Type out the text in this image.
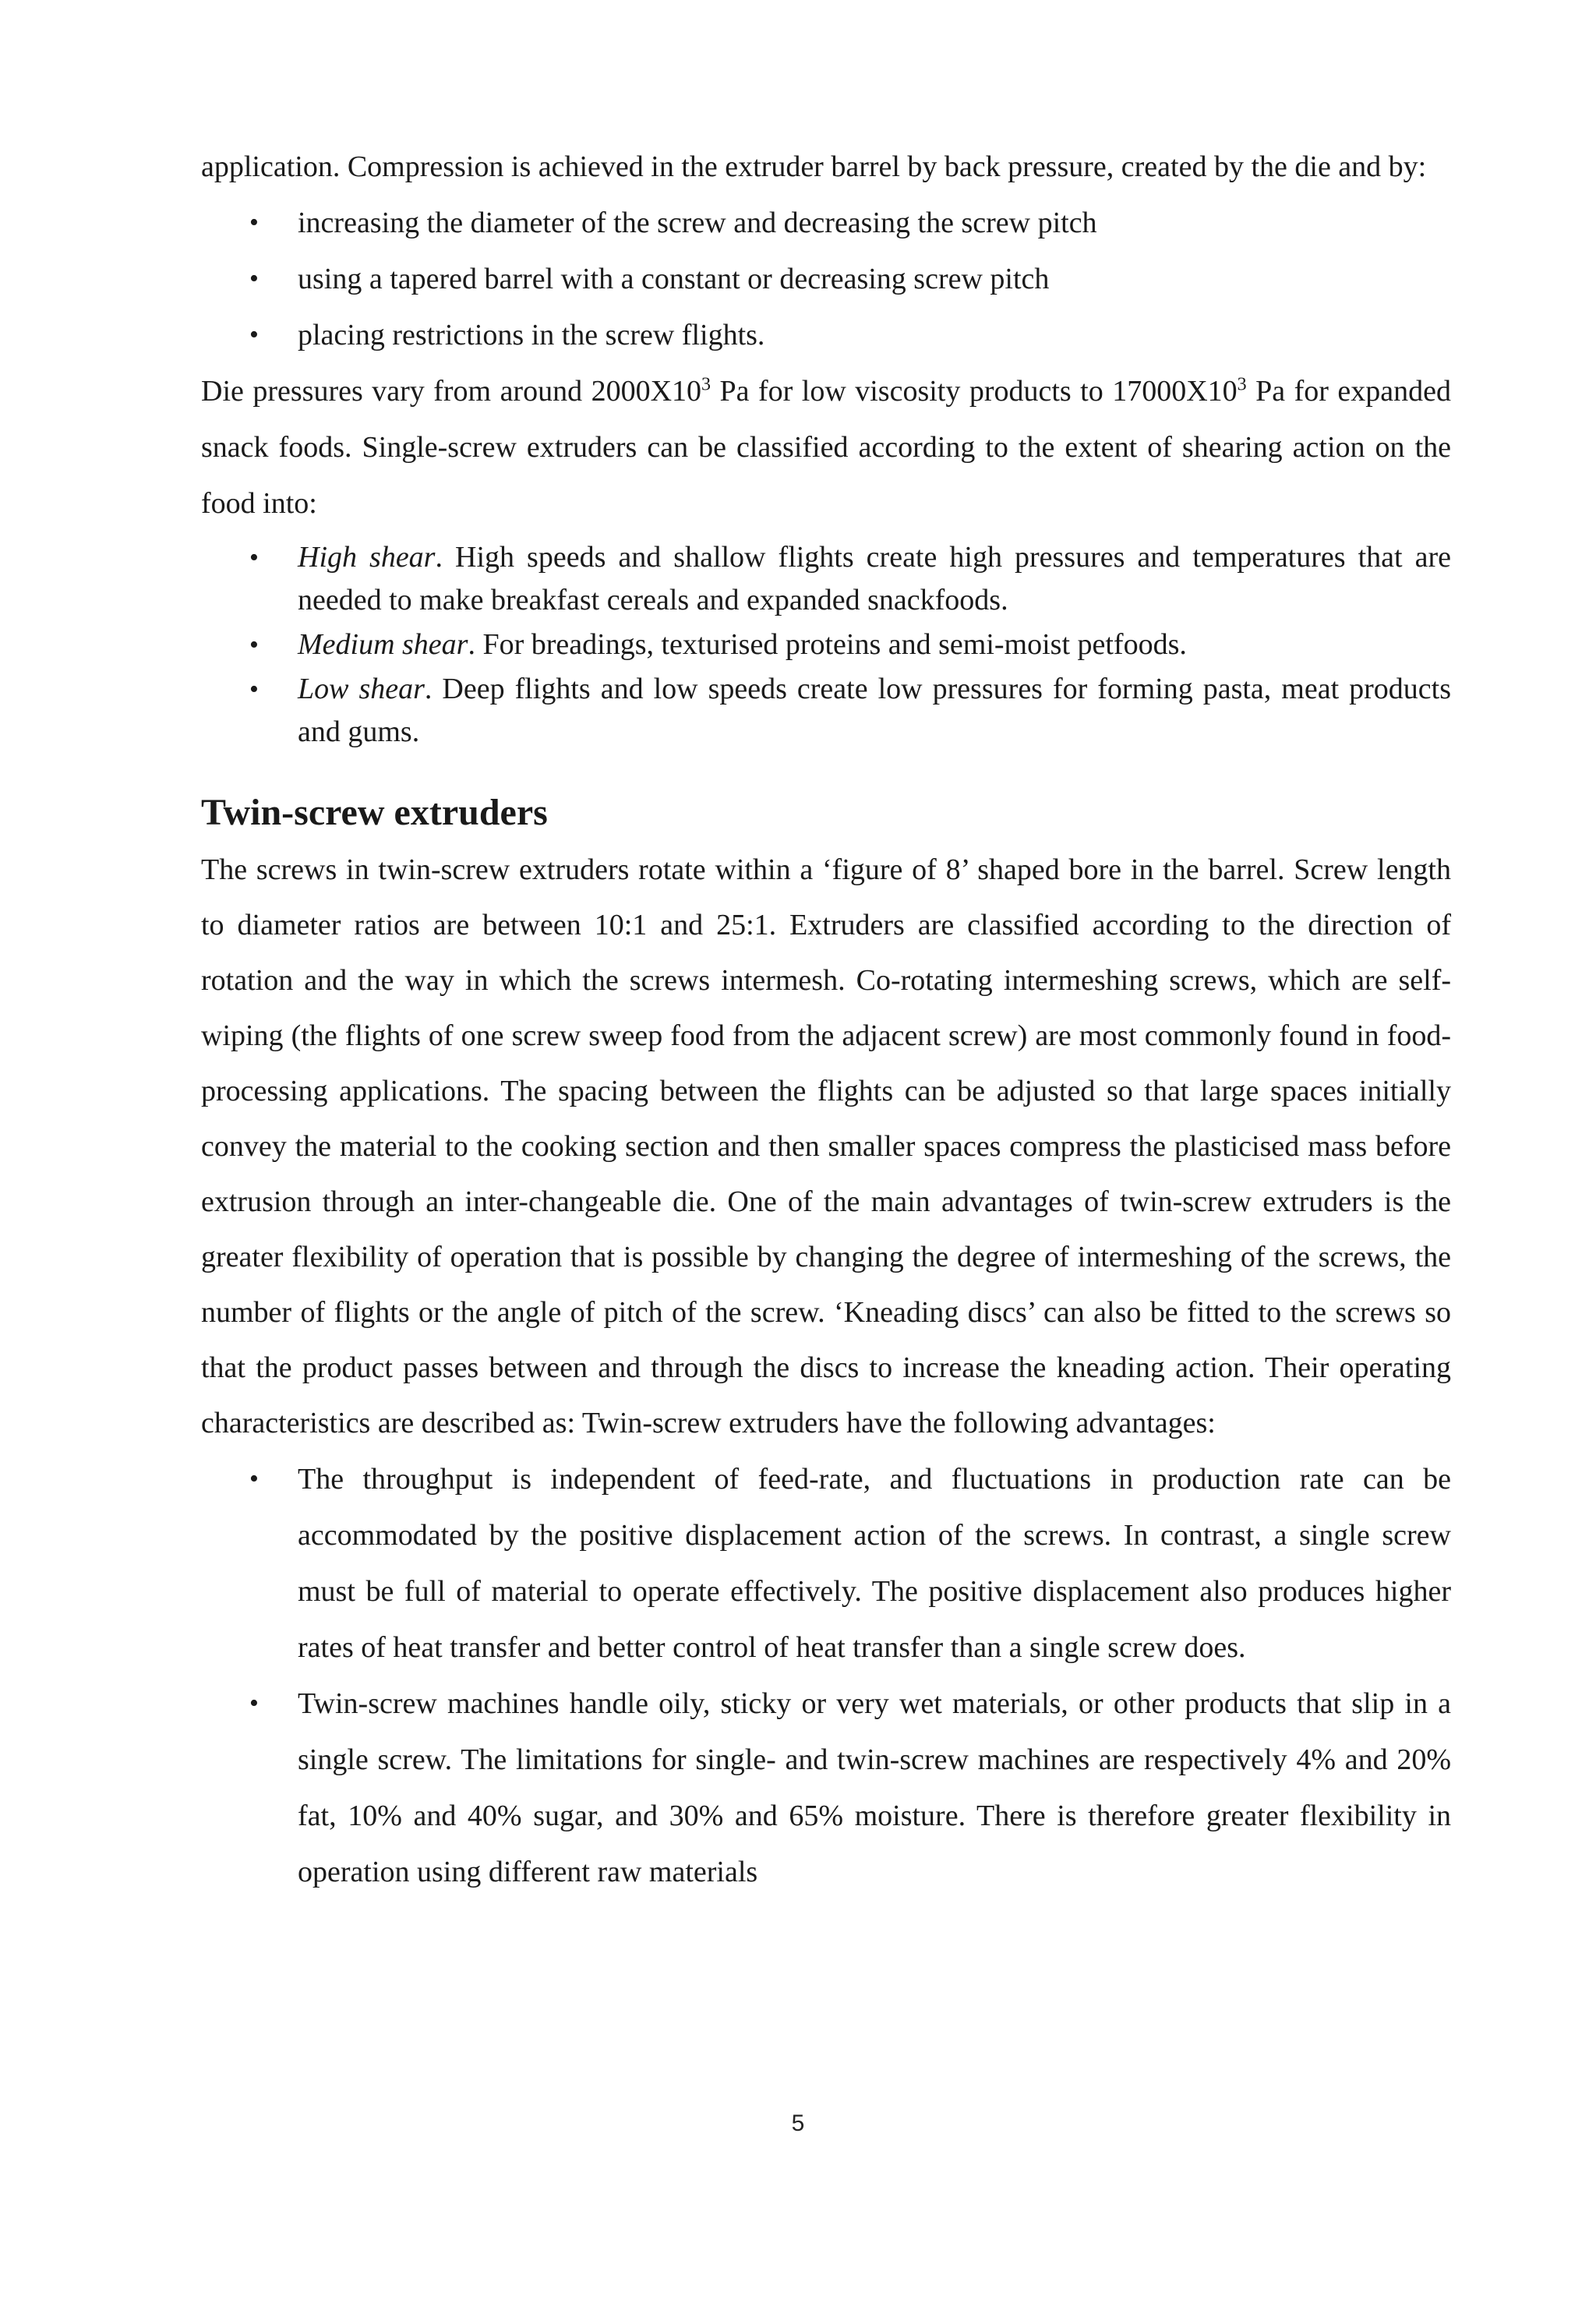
application. Compression is achieved in the extruder barrel by back pressure, created by the die and by:

• increasing the diameter of the screw and decreasing the screw pitch
• using a tapered barrel with a constant or decreasing screw pitch
• placing restrictions in the screw flights.

Die pressures vary from around $2000X10^3$ Pa for low viscosity products to $17000X10^3$ Pa for expanded snack foods. Single-screw extruders can be classified according to the extent of shearing action on the food into:

• High shear. High speeds and shallow flights create high pressures and temperatures that are needed to make breakfast cereals and expanded snackfoods.
• Medium shear. For breadings, texturised proteins and semi-moist petfoods.
• Low shear. Deep flights and low speeds create low pressures for forming pasta, meat products and gums.
Twin-screw extruders

The screws in twin-screw extruders rotate within a ‘figure of 8’ shaped bore in the barrel. Screw length to diameter ratios are between 10:1 and 25:1. Extruders are classified according to the direction of rotation and the way in which the screws intermesh. Co-rotating intermeshing screws, which are self-wiping (the flights of one screw sweep food from the adjacent screw) are most commonly found in food-processing applications. The spacing between the flights can be adjusted so that large spaces initially convey the material to the cooking section and then smaller spaces compress the plasticised mass before extrusion through an inter-changeable die. One of the main advantages of twin-screw extruders is the greater flexibility of operation that is possible by changing the degree of intermeshing of the screws, the number of flights or the angle of pitch of the screw. ‘Kneading discs’ can also be fitted to the screws so that the product passes between and through the discs to increase the kneading action. Their operating characteristics are described as: Twin-screw extruders have the following advantages:

• The throughput is independent of feed-rate, and fluctuations in production rate can be accommodated by the positive displacement action of the screws. In contrast, a single screw must be full of material to operate effectively. The positive displacement also produces higher rates of heat transfer and better control of heat transfer than a single screw does.
• Twin-screw machines handle oily, sticky or very wet materials, or other products that slip in a single screw. The limitations for single- and twin-screw machines are respectively 4% and 20% fat, 10% and 40% sugar, and 30% and 65% moisture. There is therefore greater flexibility in operation using different raw materials
5
